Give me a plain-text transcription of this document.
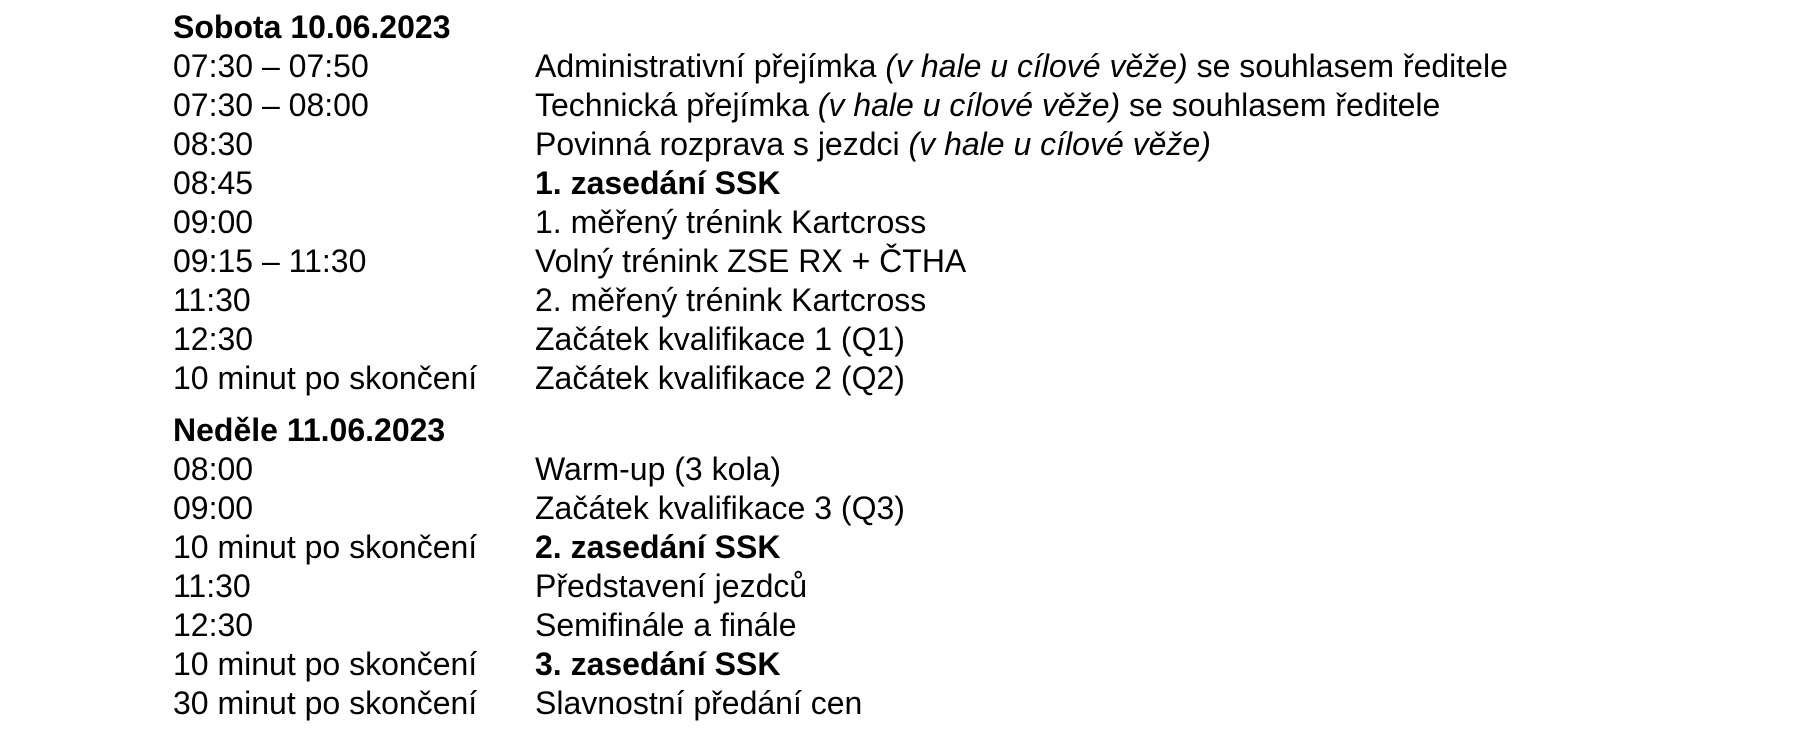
Sobota 10.06.2023
07:30 – 07:50	Administrativní přejímka (v hale u cílové věže) se souhlasem ředitele
07:30 – 08:00	Technická přejímka (v hale u cílové věže) se souhlasem ředitele
08:30	Povinná rozprava s jezdci (v hale u cílové věže)
08:45	1. zasedání SSK
09:00	1. měřený trénink Kartcross
09:15 – 11:30	Volný trénink ZSE RX + ČTHA
11:30	2. měřený trénink Kartcross
12:30	Začátek kvalifikace 1 (Q1)
10 minut po skončení	Začátek kvalifikace 2 (Q2)
Neděle 11.06.2023
08:00	Warm-up (3 kola)
09:00	Začátek kvalifikace 3 (Q3)
10 minut po skončení	2. zasedání SSK
11:30	Představení jezdců
12:30	Semifinále a finále
10 minut po skončení	3. zasedání SSK
30 minut po skončení	Slavnostní předání cen
